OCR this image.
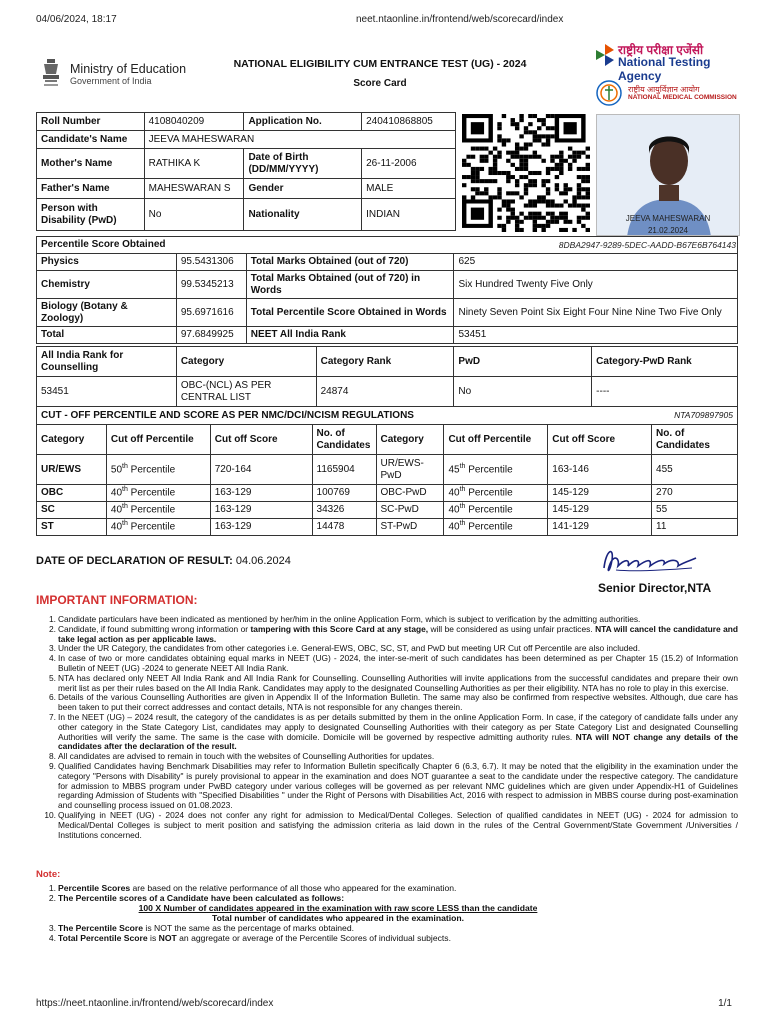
04/06/2024, 18:17	neet.ntaonline.in/frontend/web/scorecard/index
Ministry of Education
Government of India
NATIONAL ELIGIBILITY CUM ENTRANCE TEST (UG) - 2024
Score Card
राष्ट्रीय परीक्षा एजेंसी
National Testing Agency
राष्ट्रीय आयुर्विज्ञान आयोग
NATIONAL MEDICAL COMMISSION
Roll Number	4108040209	Application No.	240410868805
Candidate's Name	JEEVA MAHESWARAN		
Mother's Name	RATHIKA K	Date of Birth (DD/MM/YYYY)	26-11-2006
Father's Name	MAHESWARAN S	Gender	MALE
Person with Disability (PwD)	No	Nationality	INDIAN	JEEVA MAHESWARAN
21.02.2024
Percentile Score Obtained			
Physics	95.5431306	Total Marks Obtained (out of 720)	625
Chemistry	99.5345213	Total Marks Obtained (out of 720) in Words	Six Hundred Twenty Five Only
Biology (Botany & Zoology)	95.6971616	Total Percentile Score Obtained in Words	Ninety Seven Point Six Eight Four Nine Nine Two Five Only
Total	97.6849925	NEET All India Rank	53451
8DBA2947-9289-5DEC-AADD-B67E6B764143
All India Rank for Counselling	Category	Category Rank	PwD	Category-PwD Rank
53451	OBC-(NCL) AS PER CENTRAL LIST	24874	No	----
CUT - OFF PERCENTILE AND SCORE AS PER NMC/DCI/NCISM REGULATIONS							NTA709897905
Category	Cut off Percentile	Cut off Score	No. of Candidates	Category	Cut off Percentile	Cut off Score	No. of Candidates
UR/EWS	50th Percentile	720-164	1165904	UR/EWS-PwD	45th Percentile	163-146	455
OBC	40th Percentile	163-129	100769	OBC-PwD	40th Percentile	145-129	270
SC	40th Percentile	163-129	34326	SC-PwD	40th Percentile	145-129	55
ST	40th Percentile	163-129	14478	ST-PwD	40th Percentile	141-129	11
DATE OF DECLARATION OF RESULT: 04.06.2024
Senior Director,NTA
IMPORTANT INFORMATION:
1. Candidate particulars have been indicated as mentioned by her/him in the online Application Form, which is subject to verification by the admitting authorities.
2. Candidate, if found submitting wrong information or tampering with this Score Card at any stage, will be considered as using unfair practices. NTA will cancel the candidature and take legal action as per applicable laws.
3. Under the UR Category, the candidates from other categories i.e. General-EWS, OBC, SC, ST, and PwD but meeting UR Cut off Percentile are also included.
4. In case of two or more candidates obtaining equal marks in NEET (UG) - 2024, the inter-se-merit of such candidates has been determined as per Chapter 15 (15.2) of Information Bulletin of NEET (UG) -2024 to generate NEET All India Rank.
5. NTA has declared only NEET All India Rank and All India Rank for Counselling. Counselling Authorities will invite applications from the successful candidates and prepare their own merit list as per their rules based on the All India Rank. Candidates may apply to the designated Counselling Authorities as per their eligibility. NTA has no role to play in this exercise.
6. Details of the various Counselling Authorities are given in Appendix II of the Information Bulletin. The same may also be confirmed from respective websites. Although, due care has been taken to put their correct addresses and contact details, NTA is not responsible for any changes therein.
7. In the NEET (UG) – 2024 result, the category of the candidates is as per details submitted by them in the online Application Form. In case, if the category of candidate falls under any other category in the State Category List, candidates may apply to designated Counselling Authorities with their category as per State Category List and designated Counselling Authorities will verify the same. The same is the case with domicile. Domicile will be governed by respective admitting authority rules. NTA will NOT change any details of the candidates after the declaration of the result.
8. All candidates are advised to remain in touch with the websites of Counselling Authorities for updates.
9. Qualified Candidates having Benchmark Disabilities may refer to Information Bulletin specifically Chapter 6 (6.3, 6.7). It may be noted that the eligibility in the examination under the category "Persons with Disability" is purely provisional to appear in the examination and does NOT guarantee a seat to the candidate under the respective category. The candidature for admission to MBBS program under PwBD category under various colleges will be governed as per relevant NMC guidelines which are given under Appendix-H1 of Guidelines regarding Admission of Students with "Specified Disabilities " under the Right of Persons with Disabilities Act, 2016 with respect to admission in MBBS course during post-examination and counselling process issued on 01.08.2023.
10. Qualifying in NEET (UG) - 2024 does not confer any right for admission to Medical/Dental Colleges. Selection of qualified candidates in NEET (UG) - 2024 for admission to Medical/Dental Colleges is subject to merit position and satisfying the admission criteria as laid down in the rules of the Central Government/State Government /Universities / Institutions concerned.
Note:
1. Percentile Scores are based on the relative performance of all those who appeared for the examination.
2. The Percentile scores of a Candidate have been calculated as follows:
100 X Number of candidates appeared in the examination with raw score LESS than the candidate
Total number of candidates who appeared in the examination.
3. The Percentile Score is NOT the same as the percentage of marks obtained.
4. Total Percentile Score is NOT an aggregate or average of the Percentile Scores of individual subjects.
https://neet.ntaonline.in/frontend/web/scorecard/index	1/1
